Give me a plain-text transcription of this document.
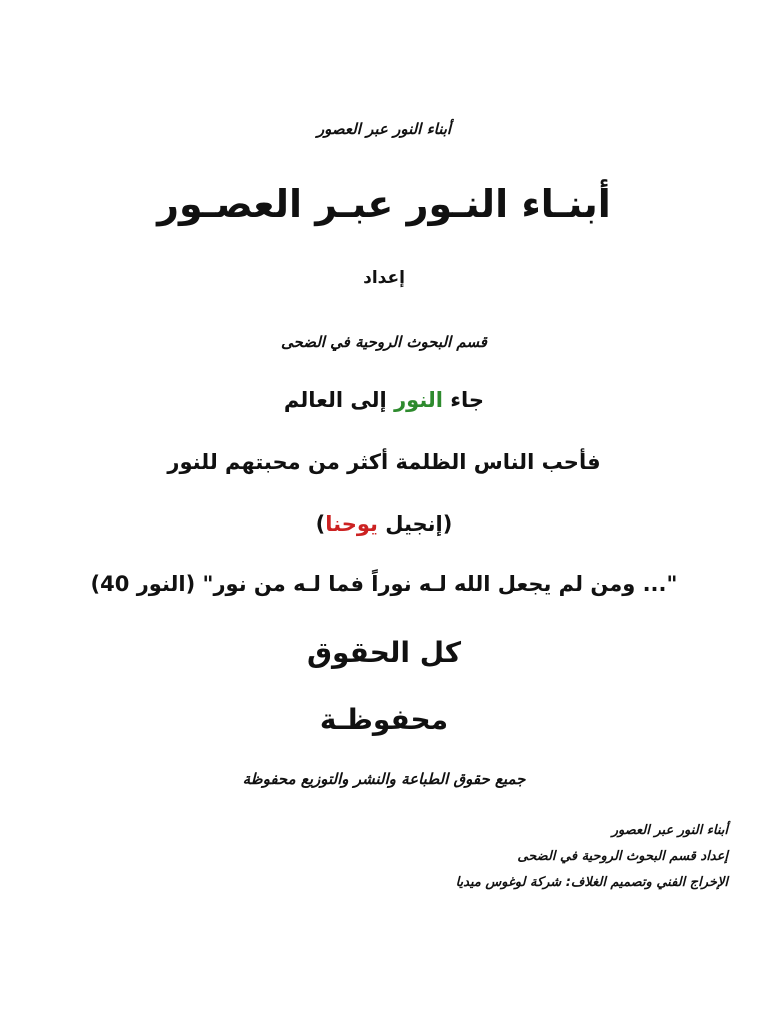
أبناء النور عبر العصور
أبنـاء النـور عبـر العصـور
إعداد
قسم البحوث الروحية في الضحى
جاء النور إلى العالم
فأحب الناس الظلمة أكثر من محبتهم للنور
(إنجيل يوحنا)
"... ومن لم يجعل الله لـه نوراً فما لـه من نور" (النور 40)
كل الحقوق
محفوظـة
جميع حقوق الطباعة والنشر والتوزيع محفوظة
أبناء النور عبر العصور
إعداد قسم البحوث الروحية في الضحى
الإخراج الفني وتصميم الغلاف: شركة لوغوس ميديا
